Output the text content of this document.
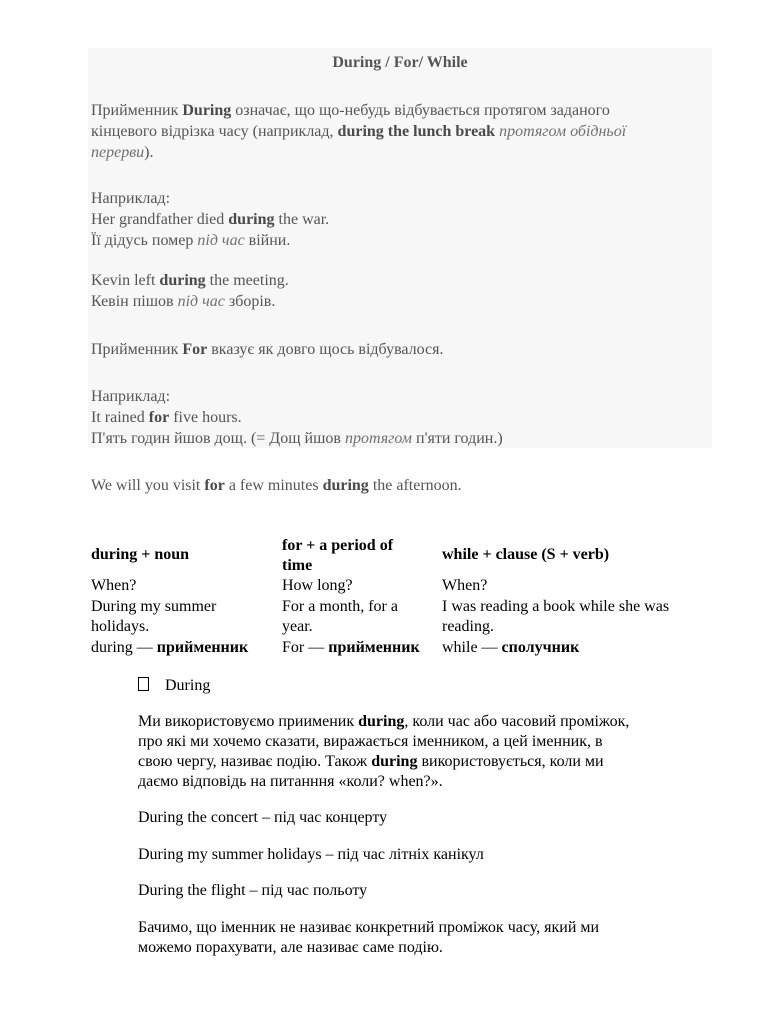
During / For/ While
Прийменник During означає, що що-небудь відбувається протягом заданого
кінцевого відрізка часу (наприклад, during the lunch break протягом обідньої
перерви).
Наприклад:
Her grandfather died during the war.
Її дідусь помер під час війни.
Kevin left during the meeting.
Кевін пішов під час зборів.
Прийменник For вказує як довго щось відбувалося.
Наприклад:
It rained for five hours.
П'ять годин йшов дощ. (= Дощ йшов протягом п'яти годин.)
We will you visit for a few minutes during the afternoon.
during + noun
for + a period of
time
while + clause (S + verb)
When?	How long?	When?
During my summer
holidays.
For a month, for a
year.
I was reading a book while she was
reading.
during — прийменник For — прийменник while — сполучник
During
Ми використовуємо приименик during, коли час або часовий проміжок,
про які ми хочемо сказати, виражається іменником, а цей іменник, в
свою чергу, називає подію. Також during використовується, коли ми
даємо відповідь на питанння «коли? when?».
During the concert – під час концерту
During my summer holidays – під час літніх канікул
During the flight – під час польоту
Бачимо, що іменник не називає конкретний проміжок часу, який ми
можемо порахувати, але називає саме подію.
